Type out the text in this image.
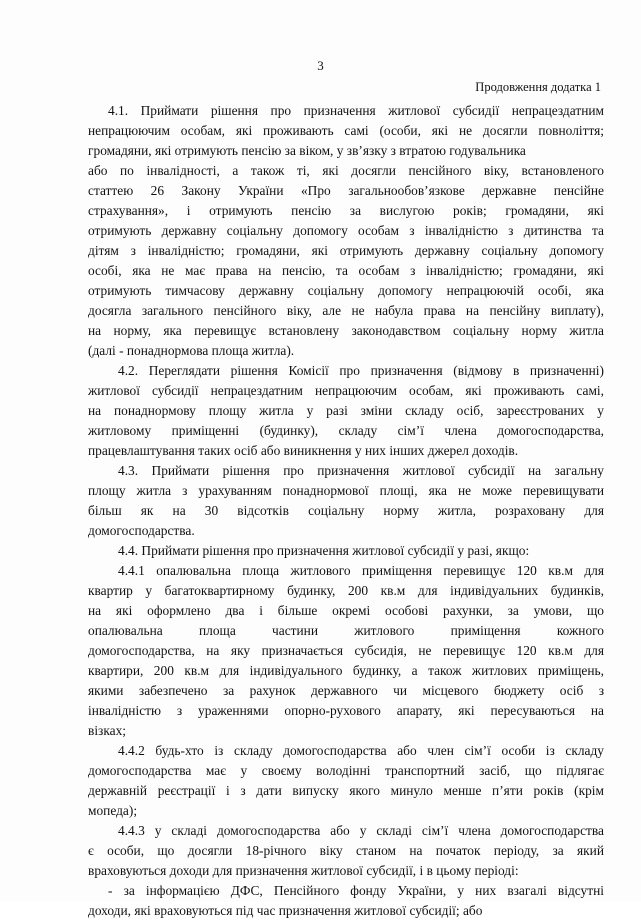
3
Продовження додатка 1
4.1. Приймати рішення про призначення житлової субсидії непрацездатним
непрацюючим особам, які проживають самі (особи, які не досягли повноліття;
громадяни, які отримують пенсію за віком, у зв’язку з втратою годувальника
або по інвалідності, а також ті, які досягли пенсійного віку, встановленого
статтею 26 Закону України «Про загальнообов’язкове державне пенсійне
страхування», і отримують пенсію за вислугою років; громадяни, які
отримують державну соціальну допомогу особам з інвалідністю з дитинства та
дітям з інвалідністю; громадяни, які отримують державну соціальну допомогу
особі, яка не має права на пенсію, та особам з інвалідністю; громадяни, які
отримують тимчасову державну соціальну допомогу непрацюючій особі, яка
досягла загального пенсійного віку, але не набула права на пенсійну виплату),
на норму, яка перевищує встановлену законодавством соціальну норму житла
(далі - понаднормова площа житла).
4.2. Переглядати рішення Комісії про призначення (відмову в призначенні)
житлової субсидії непрацездатним непрацюючим особам, які проживають самі,
на понаднормову площу житла у разі зміни складу осіб, зареєстрованих у
житловому приміщенні (будинку), складу сім’ї члена домогосподарства,
працевлаштування таких осіб або виникнення у них інших джерел доходів.
4.3. Приймати рішення про призначення житлової субсидії на загальну
площу житла з урахуванням понаднормової площі, яка не може перевищувати
більш як на 30 відсотків соціальну норму житла, розраховану для
домогосподарства.
4.4. Приймати рішення про призначення житлової субсидії у разі, якщо:
4.4.1 опалювальна площа житлового приміщення перевищує 120 кв.м для
квартир у багатоквартирному будинку, 200 кв.м для індивідуальних будинків,
на які оформлено два і більше окремі особові рахунки, за умови, що
опалювальна площа частини житлового приміщення кожного
домогосподарства, на яку призначається субсидія, не перевищує 120 кв.м для
квартири, 200 кв.м для індивідуального будинку, а також житлових приміщень,
якими забезпечено за рахунок державного чи місцевого бюджету осіб з
інвалідністю з ураженнями опорно-рухового апарату, які пересуваються на
візках;
4.4.2 будь-хто із складу домогосподарства або член сім’ї особи із складу
домогосподарства має у своєму володінні транспортний засіб, що підлягає
державній реєстрації і з дати випуску якого минуло менше п’яти років (крім
мопеда);
4.4.3 у складі домогосподарства або у складі сім’ї члена домогосподарства
є особи, що досягли 18-річного віку станом на початок періоду, за який
враховуються доходи для призначення житлової субсидії, і в цьому періоді:
- за інформацією ДФС, Пенсійного фонду України, у них взагалі відсутні
доходи, які враховуються під час призначення житлової субсидії; або
